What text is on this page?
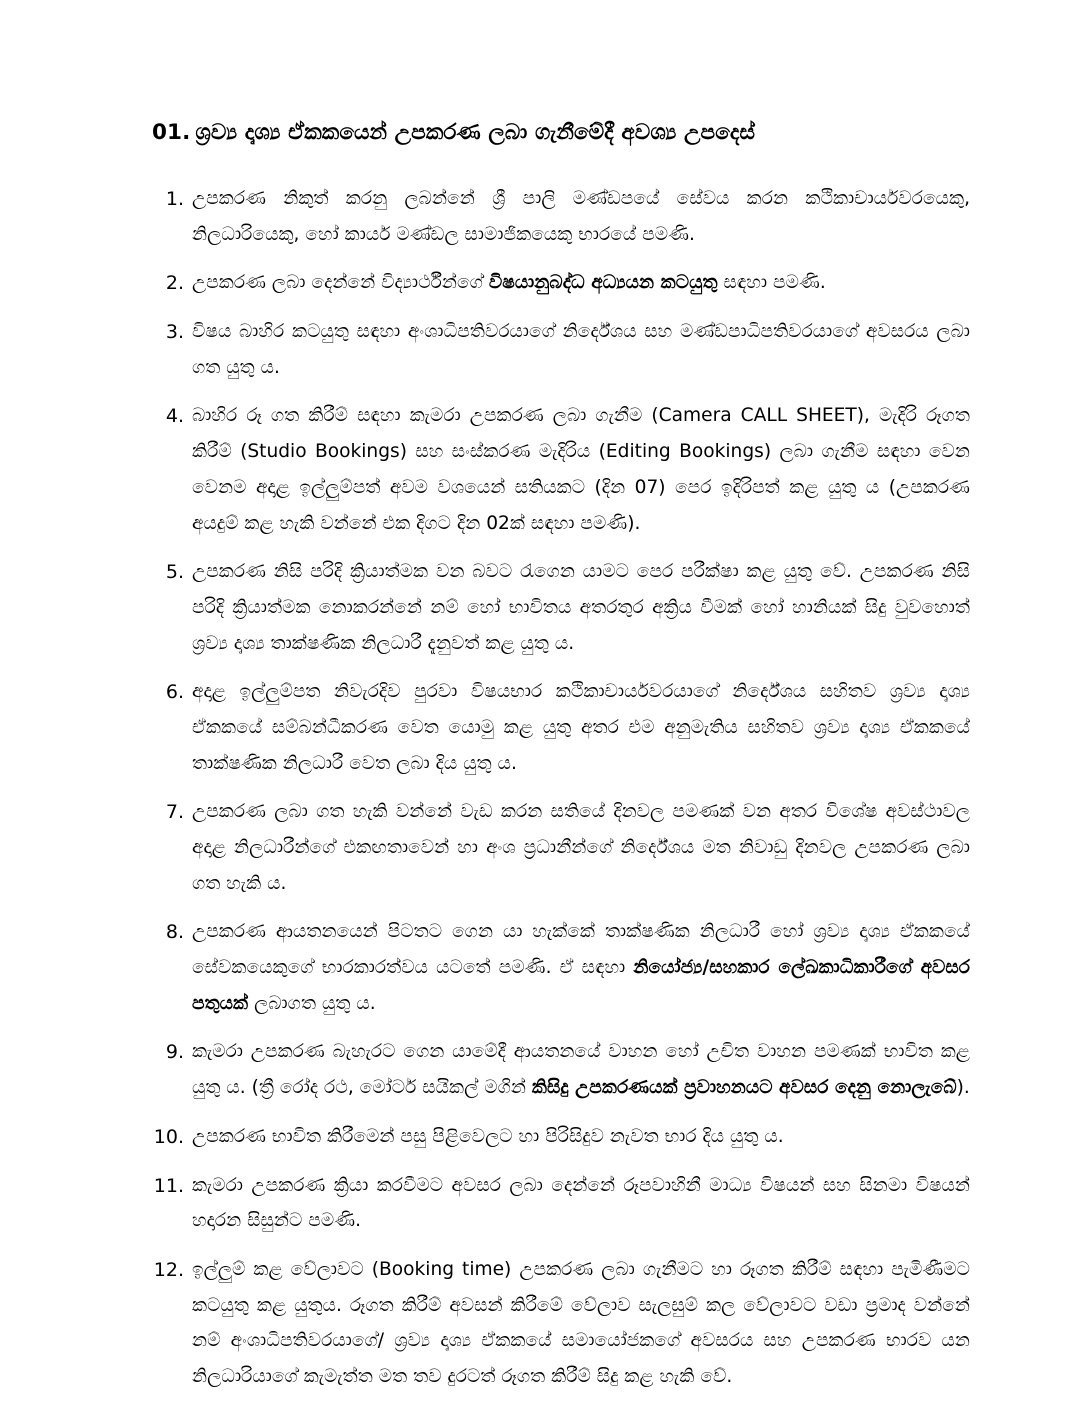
01. ශ්‍රව්‍ය දෘශ්‍ය ඒකකයෙන් උපකරණ ලබා ගැනීමේදී අවශ්‍ය උපදෙස්
1. උපකරණ නිකුත් කරනු ලබන්නේ ශ්‍රී පාලි මණ්ඩපයේ සේවය කරන කථිකාචාර්යවරයෙකු, නිලධාරියෙකු, හෝ කාර්ය මණ්ඩල සාමාජිකයෙකු භාරයේ පමණි.
2. උපකරණ ලබා දෙන්නේ විද්‍යාර්ථීන්ගේ විෂයානුබද්ධ අධ්‍යයන කටයුතු සඳහා පමණි.
3. විෂය බාහිර කටයුතු සඳහා අංශාධිපතිවරයාගේ නිර්දේශය සහ මණ්ඩපාධිපතිවරයාගේ අවසරය ලබා ගත යුතු ය.
4. බාහිර රූ ගත කිරීම් සඳහා කැමරා උපකරණ ලබා ගැනීම (Camera CALL SHEET), මැදිරි රූගත කිරීම් (Studio Bookings) සහ සංස්කරණ මැදිරිය (Editing Bookings) ලබා ගැනීම සඳහා වෙන වෙනම අදාළ ඉල්ලුම්පත් අවම වශයෙන් සතියකට (දින 07) පෙර ඉදිරිපත් කළ යුතු ය (උපකරණ අයදුම් කළ හැකි වන්නේ එක දිගට දින 02ක් සඳහා පමණි).
5. උපකරණ නිසි පරිදි ක්‍රියාත්මක වන බවට රැගෙන යාමට පෙර පරීක්ෂා කළ යුතු වේ. උපකරණ නිසි පරිදි ක්‍රියාත්මක නොකරන්නේ නම් හෝ භාවිතය අතරතුර අක්‍රිය වීමක් හෝ හානියක් සිදු වුවහොත් ශ්‍රව්‍ය දෘශ්‍ය තාක්ෂණික නිලධාරී දැනුවත් කළ යුතු ය.
6. අදාළ ඉල්ලුම්පත නිවැරදිව පුරවා විෂයභාර කථිකාචාර්යවරයාගේ නිර්දේශය සහිතව ශ්‍රව්‍ය දෘශ්‍ය ඒකකයේ සම්බන්ධීකරණ වෙත යොමු කළ යුතු අතර එම අනුමැතිය සහිතව ශ්‍රව්‍ය දෘශ්‍ය ඒකකයේ තාක්ෂණික නිලධාරී වෙත ලබා දිය යුතු ය.
7. උපකරණ ලබා ගත හැකි වන්නේ වැඩ කරන සතියේ දිනවල පමණක් වන අතර විශේෂ අවස්ථාවල අදාළ නිලධාරීන්ගේ එකඟතාවෙන් හා අංශ ප්‍රධානීන්ගේ නිර්දේශය මත නිවාඩු දිනවල උපකරණ ලබා ගත හැකි ය.
8. උපකරණ ආයතනයෙන් පිටතට ගෙන යා හැක්කේ තාක්ෂණික නිලධාරී හෝ ශ්‍රව්‍ය දෘශ්‍ය ඒකකයේ සේවකයෙකුගේ භාරකාරත්වය යටතේ පමණි. ඒ සඳහා නියෝජ්‍ය/සහකාර ලේඛකාධිකාරීගේ අවසර පතුයක් ලබාගත යුතු ය.
9. කැමරා උපකරණ බැහැරට ගෙන යාමේදී ආයතනයේ වාහන හෝ උචිත වාහන පමණක් භාවිත කළ යුතු ය. (ත්‍රී රෝද රථ, මෝටර් සයිකල් මගින් කිසිදු උපකරණයක් ප්‍රවාහනයට අවසර දෙනු නොලැබේ).
10. උපකරණ භාවිත කිරීමෙන් පසු පිළිවෙලට හා පිරිසිදුව නැවත භාර දිය යුතු ය.
11. කැමරා උපකරණ ක්‍රියා කරවීමට අවසර ලබා දෙන්නේ රූපවාහිනී මාධ්‍ය විෂයන් සහ සිනමා විෂයන් හදාරන සිසුන්ට පමණි.
12. ඉල්ලුම් කළ වේලාවට (Booking time) උපකරණ ලබා ගැනීමට හා රූගත කිරීම් සඳහා පැමිණීමට කටයුතු කළ යුතුය. රූගත කිරීම් අවසන් කිරීමේ වේලාව සැලසුම් කල වේලාවට වඩා ප්‍රමාද වන්නේ නම් අංශාධිපතිවරයාගේ/ ශ්‍රව්‍ය දෘශ්‍ය ඒකකයේ සමායෝජකගේ අවසරය සහ උපකරණ භාරව යන නිලධාරියාගේ කැමැත්ත මත තව දුරටත් රූගත කිරීම් සිදු කළ හැකි වේ.
